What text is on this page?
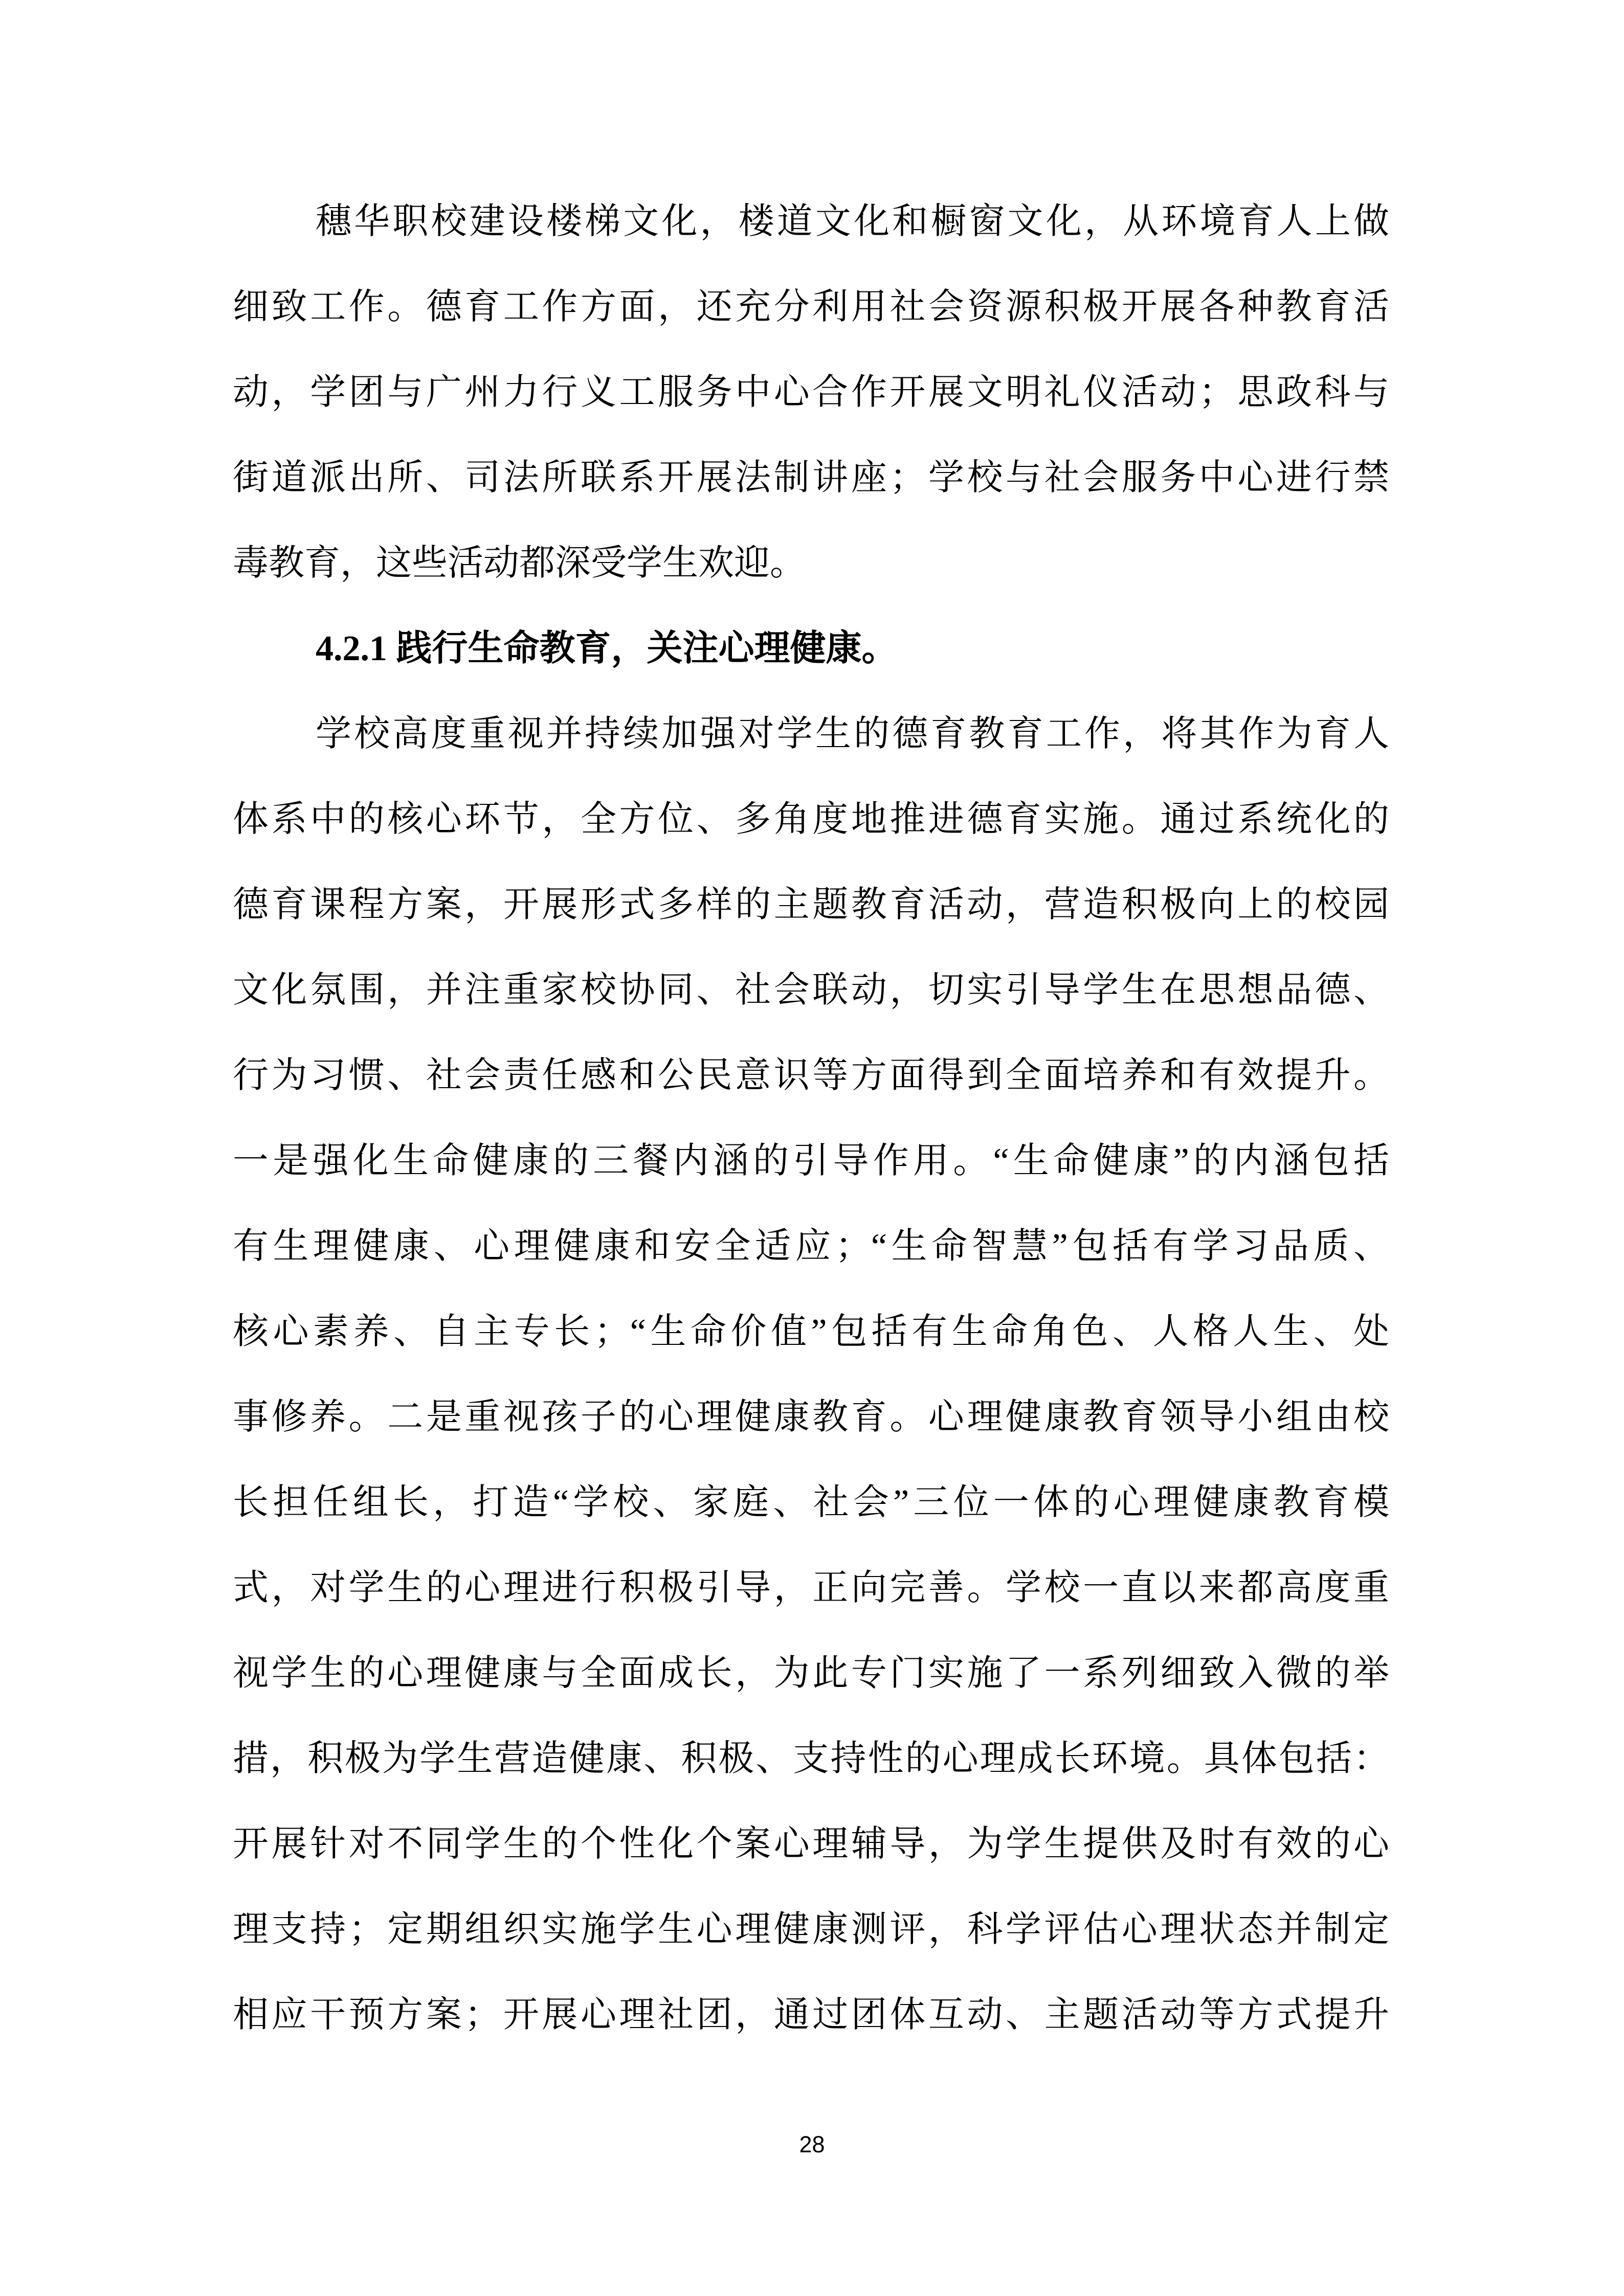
穗华职校建设楼梯文化，楼道文化和橱窗文化，从环境育人上做
细致工作。德育工作方面，还充分利用社会资源积极开展各种教育活
动，学团与广州力行义工服务中心合作开展文明礼仪活动；思政科与
街道派出所、司法所联系开展法制讲座；学校与社会服务中心进行禁
毒教育，这些活动都深受学生欢迎。
4.2.1 践行生命教育，关注心理健康。
学校高度重视并持续加强对学生的德育教育工作，将其作为育人
体系中的核心环节，全方位、多角度地推进德育实施。通过系统化的
德育课程方案，开展形式多样的主题教育活动，营造积极向上的校园
文化氛围，并注重家校协同、社会联动，切实引导学生在思想品德、
行为习惯、社会责任感和公民意识等方面得到全面培养和有效提升。
一是强化生命健康的三餐内涵的引导作用。“生命健康”的内涵包括
有生理健康、心理健康和安全适应；“生命智慧”包括有学习品质、
核心素养、自主专长；“生命价值”包括有生命角色、人格人生、处
事修养。二是重视孩子的心理健康教育。心理健康教育领导小组由校
长担任组长，打造“学校、家庭、社会”三位一体的心理健康教育模
式，对学生的心理进行积极引导，正向完善。学校一直以来都高度重
视学生的心理健康与全面成长，为此专门实施了一系列细致入微的举
措，积极为学生营造健康、积极、支持性的心理成长环境。具体包括：
开展针对不同学生的个性化个案心理辅导，为学生提供及时有效的心
理支持；定期组织实施学生心理健康测评，科学评估心理状态并制定
相应干预方案；开展心理社团，通过团体互动、主题活动等方式提升
28
